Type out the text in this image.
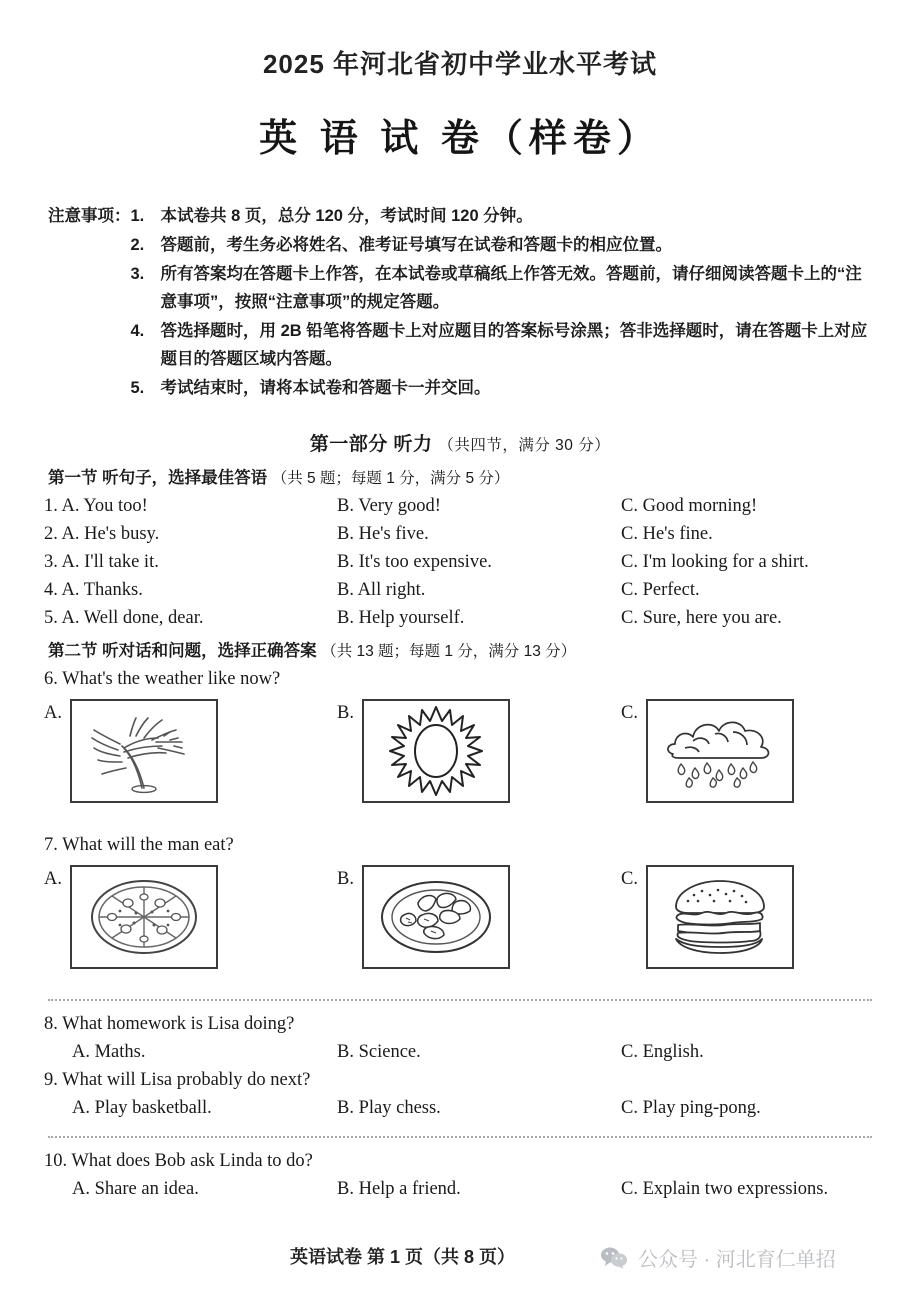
2025 年河北省初中学业水平考试
英 语 试 卷（样卷）
注意事项： 1. 本试卷共 8 页，总分 120 分，考试时间 120 分钟。
2. 答题前，考生务必将姓名、准考证号填写在试卷和答题卡的相应位置。
3. 所有答案均在答题卡上作答，在本试卷或草稿纸上作答无效。答题前，请仔细阅读答题卡上的“注意事项”，按照“注意事项”的规定答题。
4. 答选择题时，用 2B 铅笔将答题卡上对应题目的答案标号涂黑；答非选择题时，请在答题卡上对应题目的答题区域内答题。
5. 考试结束时，请将本试卷和答题卡一并交回。
第一部分 听力 （共四节，满分 30 分）
第一节 听句子，选择最佳答语 （共 5 题；每题 1 分，满分 5 分）
1. A. You too!	B. Very good!	C. Good morning!
2. A. He's busy.	B. He's five.	C. He's fine.
3. A. I'll take it.	B. It's too expensive.	C. I'm looking for a shirt.
4. A. Thanks.	B. All right.	C. Perfect.
5. A. Well done, dear.	B. Help yourself.	C. Sure, here you are.
第二节 听对话和问题，选择正确答案 （共 13 题；每题 1 分，满分 13 分）
6. What's the weather like now?
A.	B.	C.
7. What will the man eat?
A.	B.	C.
8. What homework is Lisa doing?
A. Maths.	B. Science.	C. English.
9. What will Lisa probably do next?
A. Play basketball.	B. Play chess.	C. Play ping-pong.
10. What does Bob ask Linda to do?
A. Share an idea.	B. Help a friend.	C. Explain two expressions.
英语试卷 第 1 页（共 8 页）	公众号 · 河北育仁单招
